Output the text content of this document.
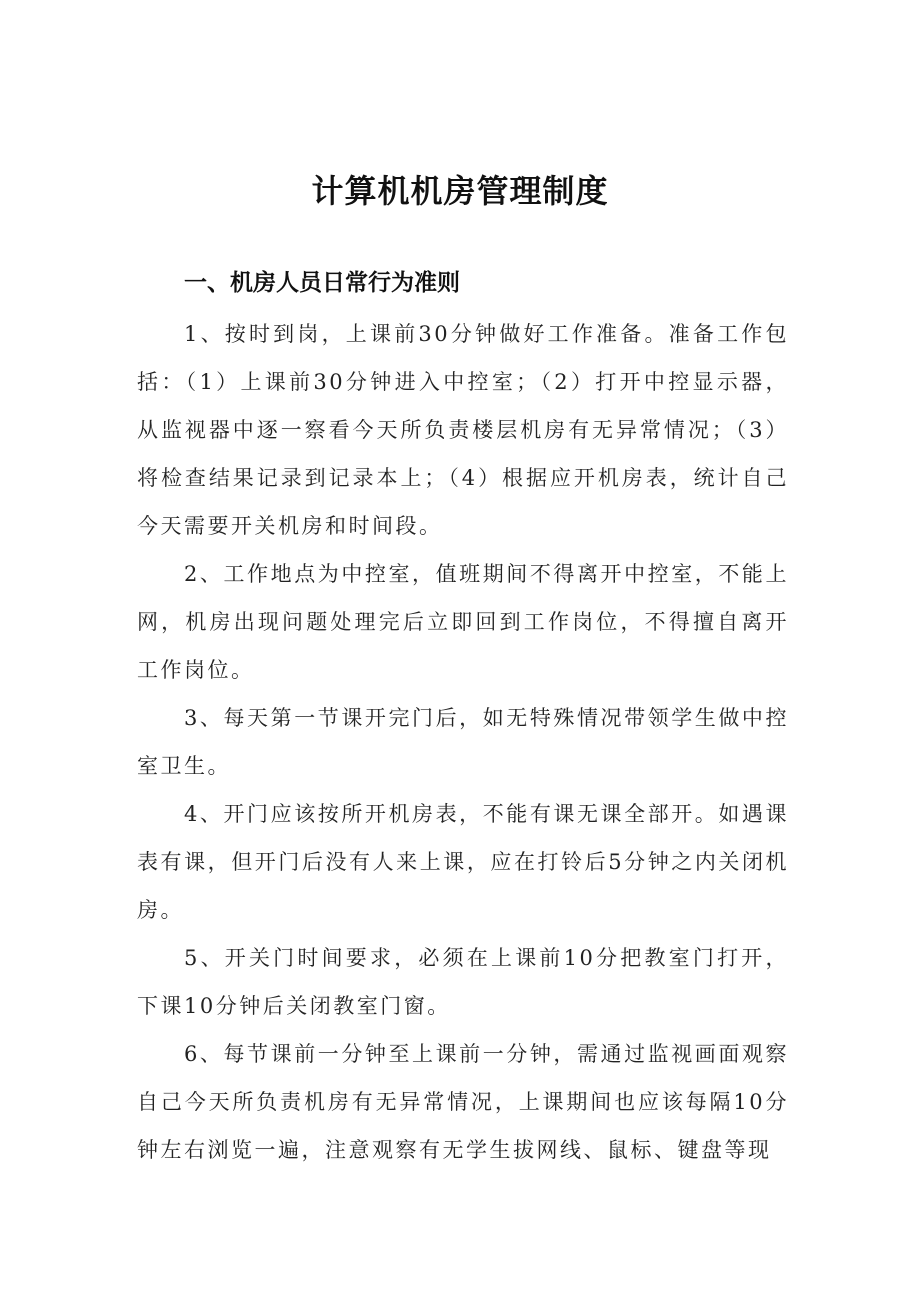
计算机机房管理制度
一、机房人员日常行为准则

1、按时到岗，上课前30分钟做好工作准备。准备工作包括：（1）上课前30分钟进入中控室；（2）打开中控显示器，从监视器中逐一察看今天所负责楼层机房有无异常情况；（3）将检查结果记录到记录本上；（4）根据应开机房表，统计自己今天需要开关机房和时间段。

2、工作地点为中控室，值班期间不得离开中控室，不能上网，机房出现问题处理完后立即回到工作岗位，不得擅自离开工作岗位。

3、每天第一节课开完门后，如无特殊情况带领学生做中控室卫生。

4、开门应该按所开机房表，不能有课无课全部开。如遇课表有课，但开门后没有人来上课，应在打铃后5分钟之内关闭机房。

5、开关门时间要求，必须在上课前10分把教室门打开，下课10分钟后关闭教室门窗。

6、每节课前一分钟至上课前一分钟，需通过监视画面观察自己今天所负责机房有无异常情况，上课期间也应该每隔10分钟左右浏览一遍，注意观察有无学生拔网线、鼠标、键盘等现
